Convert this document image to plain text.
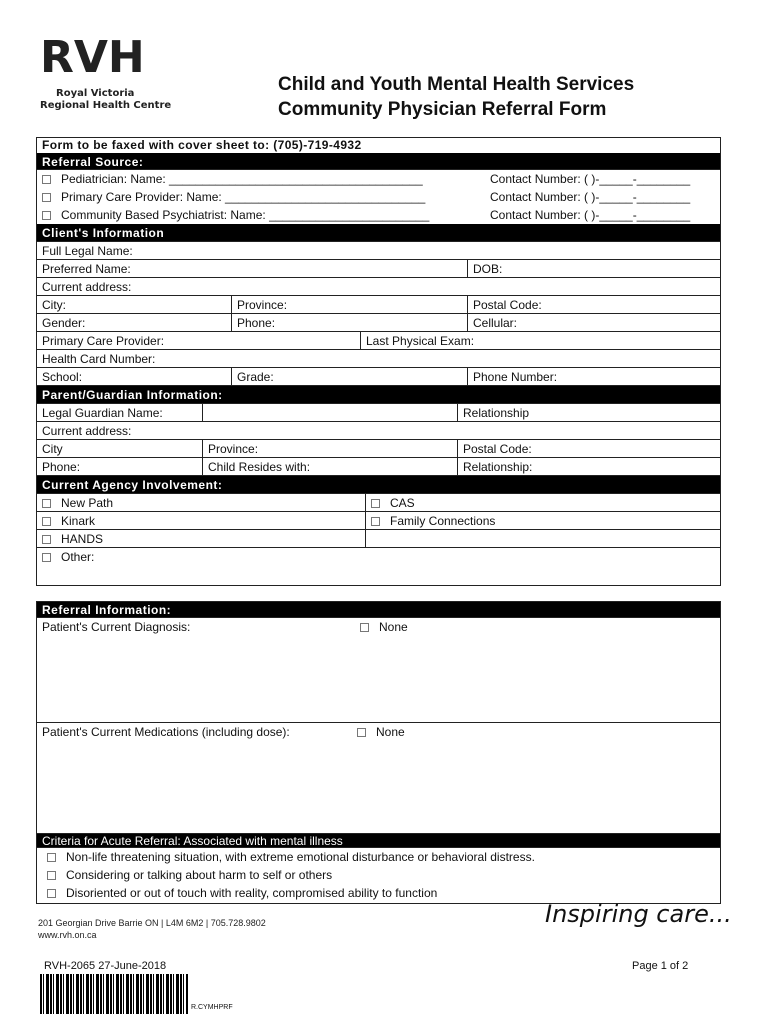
RVH
Royal Victoria
Regional Health Centre
Child and Youth Mental Health Services
Community Physician Referral Form
Form to be faxed with cover sheet to: (705)-719-4932
Referral Source:
Pediatrician: Name: ______________________________________	Contact Number: ( )-_____-________
Primary Care Provider: Name: ______________________________	Contact Number: ( )-_____-________
Community Based Psychiatrist: Name: ________________________	Contact Number: ( )-_____-________
Client's Information
Full Legal Name:
Preferred Name:	DOB:
Current address:
City:	Province:	Postal Code:
Gender:	Phone:	Cellular:
Primary Care Provider:	Last Physical Exam:
Health Card Number:
School:	Grade:	Phone Number:
Parent/Guardian Information:
Legal Guardian Name:	Relationship
Current address:
City	Province:	Postal Code:
Phone:	Child Resides with:	Relationship:
Current Agency Involvement:
New Path	CAS
Kinark	Family Connections
HANDS
Other:
Referral Information:
Patient's Current Diagnosis:	None
Patient's Current Medications (including dose):	None
Criteria for Acute Referral: Associated with mental illness
Non-life threatening situation, with extreme emotional disturbance or behavioral distress.
Considering or talking about harm to self or others
Disoriented or out of touch with reality, compromised ability to function
201 Georgian Drive Barrie ON | L4M 6M2 | 705.728.9802
www.rvh.on.ca
Inspiring care...
RVH-2065 27-June-2018	Page 1 of 2
R.CYMHPRF
